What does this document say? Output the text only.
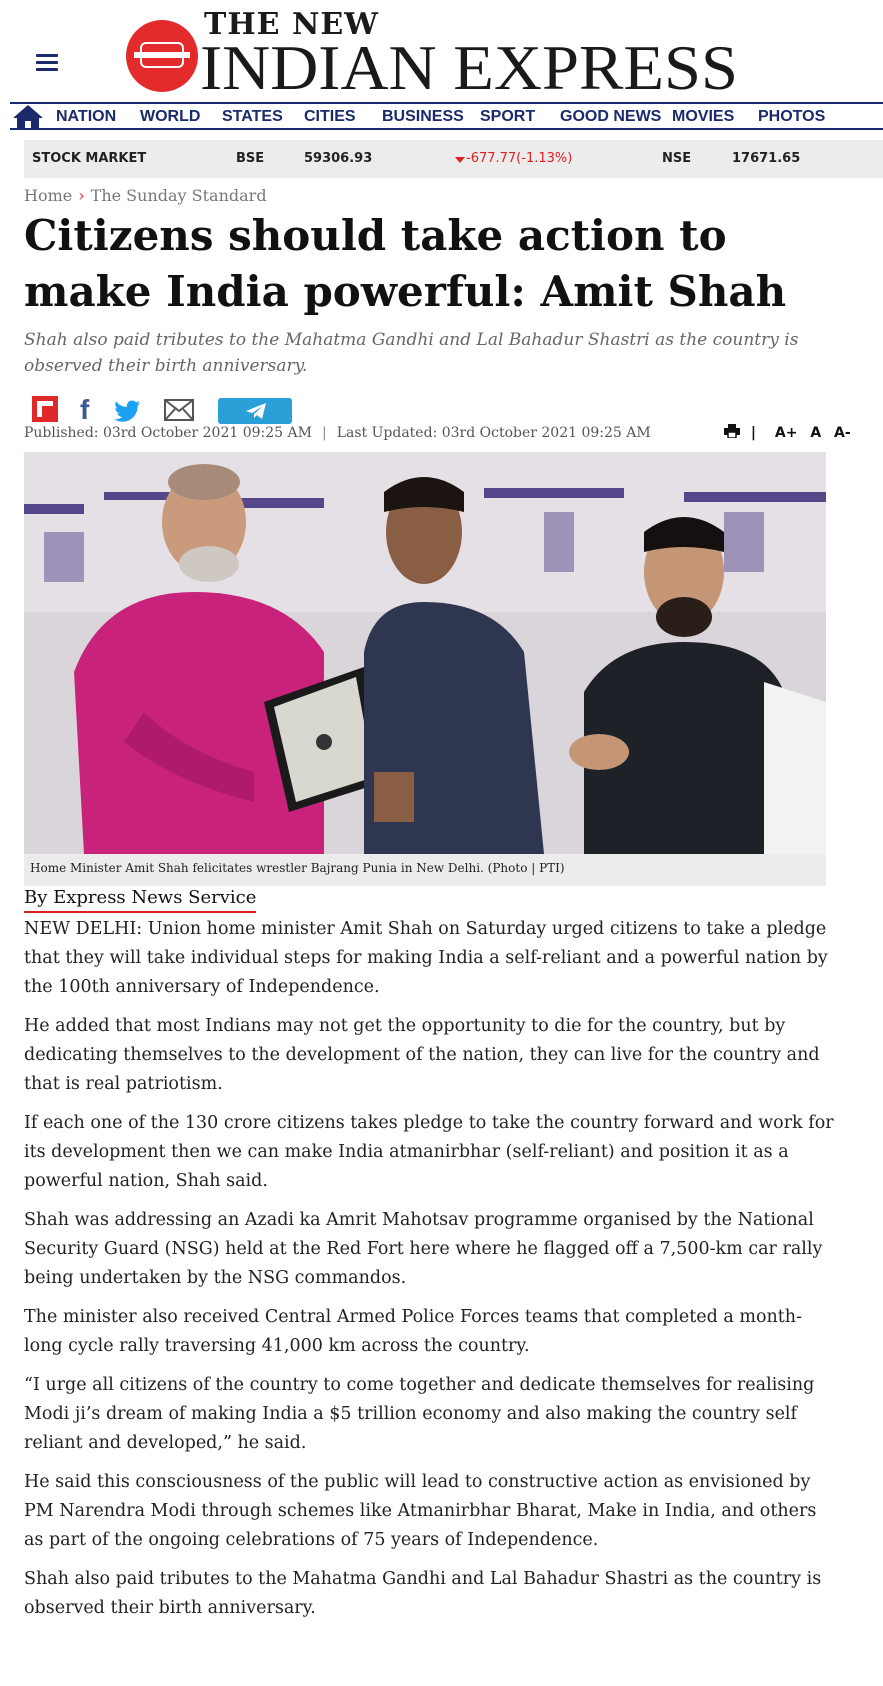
THE NEW
INDIAN EXPRESS
NATION WORLD STATES CITIES BUSINESS SPORT GOOD NEWS MOVIES PHOTOS
STOCK MARKET	BSE	59306.93	-677.77(-1.13%)	NSE	17671.65
Home › The Sunday Standard
Citizens should take action to make India powerful: Amit Shah
Shah also paid tributes to the Mahatma Gandhi and Lal Bahadur Shastri as the country is observed their birth anniversary.
f
Published: 03rd October 2021 09:25 AM | Last Updated: 03rd October 2021 09:25 AM	| A+ A A-
Home Minister Amit Shah felicitates wrestler Bajrang Punia in New Delhi. (Photo | PTI)
By Express News Service

NEW DELHI: Union home minister Amit Shah on Saturday urged citizens to take a pledge that they will take individual steps for making India a self-reliant and a powerful nation by the 100th anniversary of Independence.

He added that most Indians may not get the opportunity to die for the country, but by dedicating themselves to the development of the nation, they can live for the country and that is real patriotism.

If each one of the 130 crore citizens takes pledge to take the country forward and work for its development then we can make India atmanirbhar (self-reliant) and position it as a powerful nation, Shah said.

Shah was addressing an Azadi ka Amrit Mahotsav programme organised by the National Security Guard (NSG) held at the Red Fort here where he flagged off a 7,500-km car rally being undertaken by the NSG commandos.

The minister also received Central Armed Police Forces teams that completed a month-long cycle rally traversing 41,000 km across the country.

“I urge all citizens of the country to come together and dedicate themselves for realising Modi ji’s dream of making India a $5 trillion economy and also making the country self reliant and developed,” he said.

He said this consciousness of the public will lead to constructive action as envisioned by PM Narendra Modi through schemes like Atmanirbhar Bharat, Make in India, and others as part of the ongoing celebrations of 75 years of Independence.

Shah also paid tributes to the Mahatma Gandhi and Lal Bahadur Shastri as the country is observed their birth anniversary.
